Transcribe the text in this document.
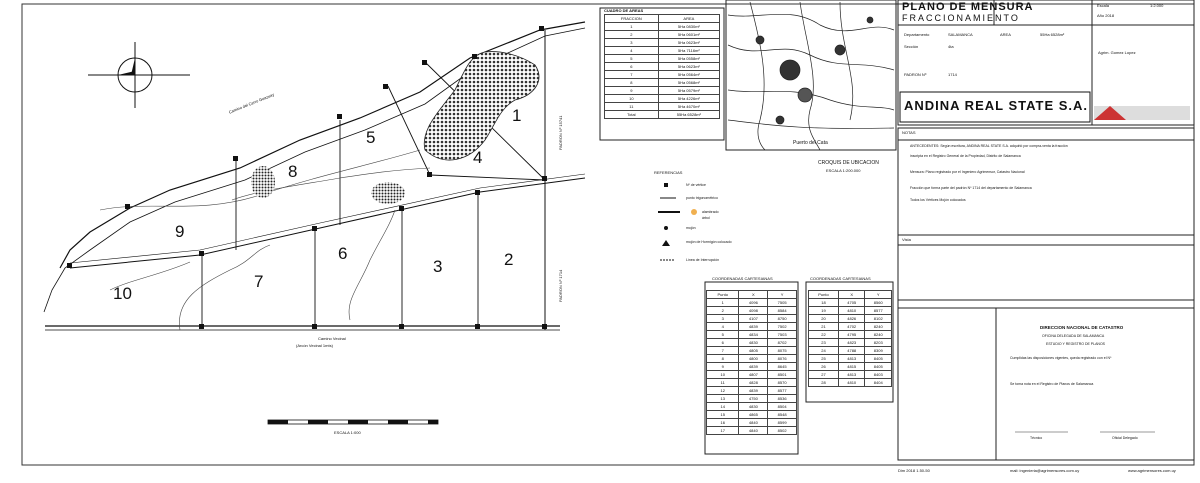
1
2
3
4
5
6
7
8
9
10
Camino del Cerro Guazuay
Camino Vecinal
(Arcón Vecinal 1mts)
PADRON Nº 15741
PADRON Nº 1714
ESCALA 1:000
CUADRO DE AREAS
FRACCION	AREA
1	5Ha 0830m²
2	5Ha 0601m²
3	5Ha 0623m²
4	5Ha 7116m²
5	5Ha 0558m²
6	5Ha 0623m²
7	5Ha 0564m²
8	5Ha 0568m²
9	5Ha 0579m²
10	5Ha 4226m²
11	5Ha 4670m²
Total	55Ha 6528m²
Puerto del Cata
CROQUIS DE UBICACION
ESCALA 1:200.000
PLANO DE MENSURA
FRACCIONAMIENTO
Escala	1:2.000
Año 2018
Departamento	SALAMANCA
Sección	4ta
AREA	55Ha 6528m²
PADRON Nº	1714
Agrim. Gomez Lopez
ANDINA REAL STATE S.A.
NOTAS
ANTECEDENTES: Según escritura, ANDINA REAL STATE S.A. adquirió por compra-venta la fracción
inscripta en el Registro General de la Propiedad, Distrito de Salamanca
Mensura: Plano registrado por el Ingeniero Agrimensor, Catastro Nacional
Fracción que forma parte del padrón Nº 1714 del departamento de Salamanca
Todos los Vértices Mojón colocados
Vista
REFERENCIAS
Nº de vértice
punto trigonométrico
alambrado
árbol
mojón
mojón de Hormigón colocado
Línea de Interrupción
COORDENADAS CARTESIANAS
Punto	X	Y
1	4096	7505
2	4098	8584
3	4107	8750
4	4839	7502
5	4834	7503
6	4830	8702
7	4805	8075
8	4800	8076
9	4839	8645
10	4807	8501
11	4828	8570
12	4839	8577
13	4750	8536
14	4830	8504
15	4865	8548
16	4840	8599
17	4840	8502
COORDENADAS CARTESIANAS
Punto	X	Y
18	4705	8560
19	4810	8577
20	4826	8102
21	4702	8240
22	4795	8240
23	4823	8203
24	4788	8309
25	4813	8405
26	4815	8405
27	4813	8403
28	4810	8404
DIRECCION NACIONAL DE CATASTRO
OFICINA DELEGADA DE SALAMANCA
ESTUDIO Y REGISTRO DE PLANOS
Cumplidas las disposiciones vigentes, queda registrado con el Nº
Se toma nota en el Registro de Planos de Salamanca
Técnico	Oficial Delegado
Dim 2018 1.50-50	mail: ingenieria@agrimensores.com.uy	www.agrimensores.com.uy
